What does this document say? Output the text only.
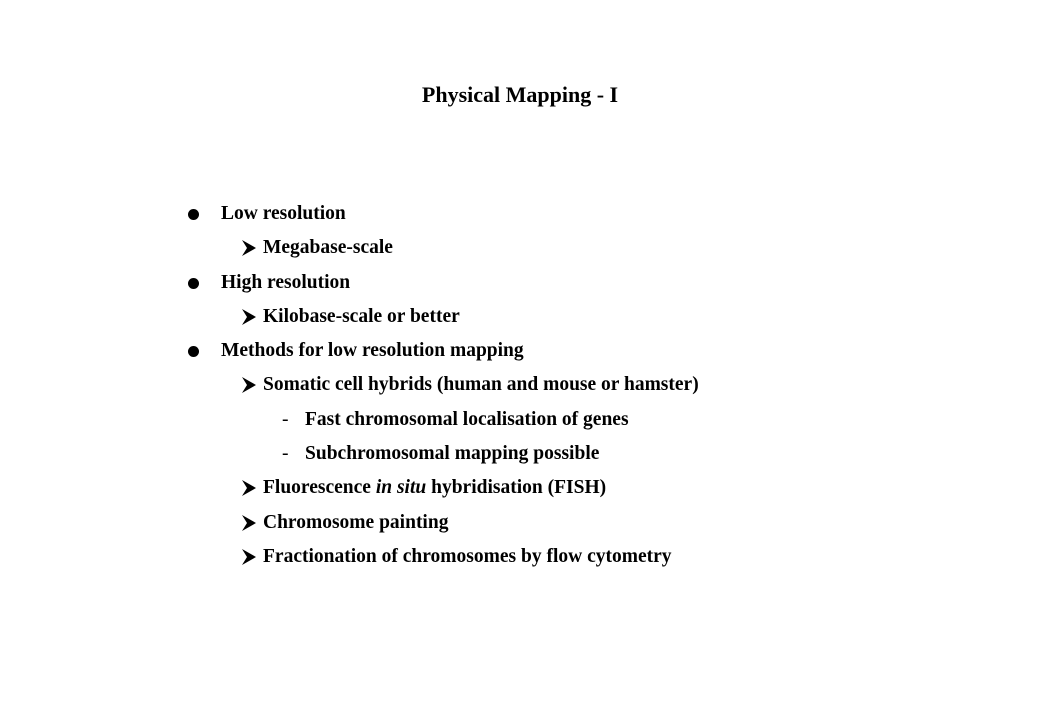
Physical Mapping - I
Low resolution
Megabase-scale
High resolution
Kilobase-scale or better
Methods for low resolution mapping
Somatic cell hybrids (human and mouse or hamster)
- Fast chromosomal localisation of genes
- Subchromosomal mapping possible
Fluorescence in situ hybridisation (FISH)
Chromosome painting
Fractionation of chromosomes by flow cytometry
